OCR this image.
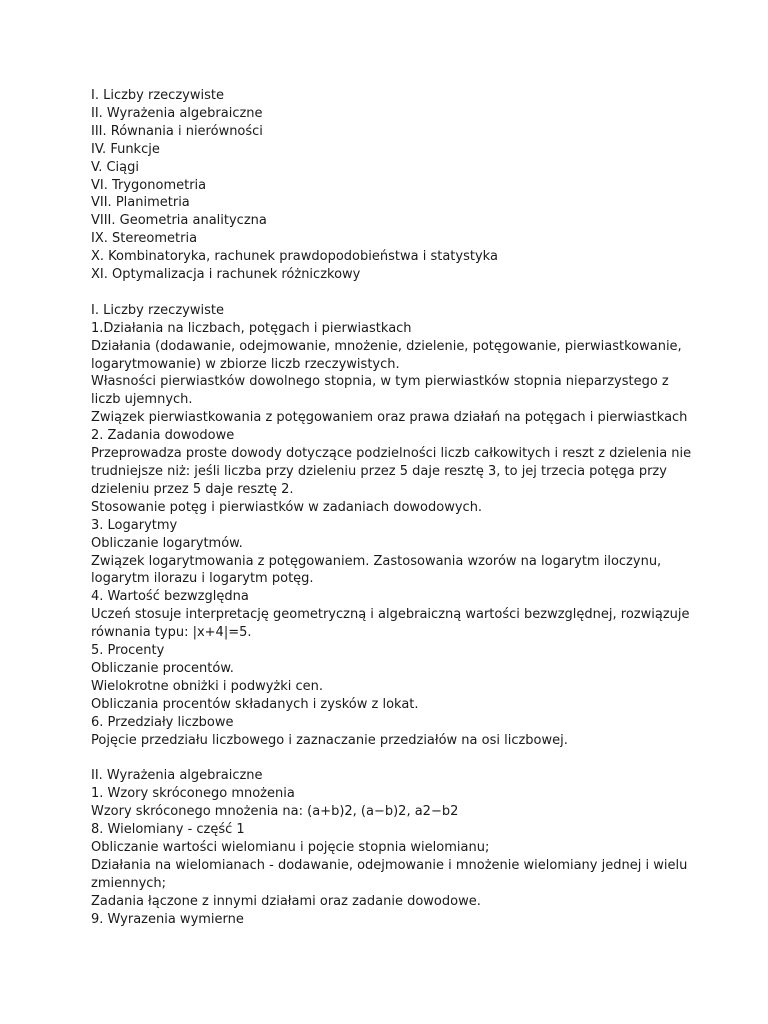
I. Liczby rzeczywiste

II. Wyrażenia algebraiczne

III. Równania i nierówności

IV. Funkcje

V. Ciągi

VI. Trygonometria

VII. Planimetria

VIII. Geometria analityczna

IX. Stereometria

X. Kombinatoryka, rachunek prawdopodobieństwa i statystyka

XI. Optymalizacja i rachunek różniczkowy

I. Liczby rzeczywiste

1.Działania na liczbach, potęgach i pierwiastkach

Działania (dodawanie, odejmowanie, mnożenie, dzielenie, potęgowanie, pierwiastkowanie,

logarytmowanie) w zbiorze liczb rzeczywistych.

Własności pierwiastków dowolnego stopnia, w tym pierwiastków stopnia nieparzystego z

liczb ujemnych.

Związek pierwiastkowania z potęgowaniem oraz prawa działań na potęgach i pierwiastkach

2. Zadania dowodowe

Przeprowadza proste dowody dotyczące podzielności liczb całkowitych i reszt z dzielenia nie

trudniejsze niż: jeśli liczba przy dzieleniu przez 5 daje resztę 3, to jej trzecia potęga przy

dzieleniu przez 5 daje resztę 2.

Stosowanie potęg i pierwiastków w zadaniach dowodowych.

3. Logarytmy

Obliczanie logarytmów.

Związek logarytmowania z potęgowaniem. Zastosowania wzorów na logarytm iloczynu,

logarytm ilorazu i logarytm potęg.

4. Wartość bezwzględna

Uczeń stosuje interpretację geometryczną i algebraiczną wartości bezwzględnej, rozwiązuje

równania typu: |x+4|=5.

5. Procenty

Obliczanie procentów.

Wielokrotne obniżki i podwyżki cen.

Obliczania procentów składanych i zysków z lokat.

6. Przedziały liczbowe

Pojęcie przedziału liczbowego i zaznaczanie przedziałów na osi liczbowej.

II. Wyrażenia algebraiczne

1. Wzory skróconego mnożenia

Wzory skróconego mnożenia na: (a+b)2, (a−b)2, a2−b2

8. Wielomiany - część 1

Obliczanie wartości wielomianu i pojęcie stopnia wielomianu;

Działania na wielomianach - dodawanie, odejmowanie i mnożenie wielomiany jednej i wielu

zmiennych;

Zadania łączone z innymi działami oraz zadanie dowodowe.

9. Wyrazenia wymierne
